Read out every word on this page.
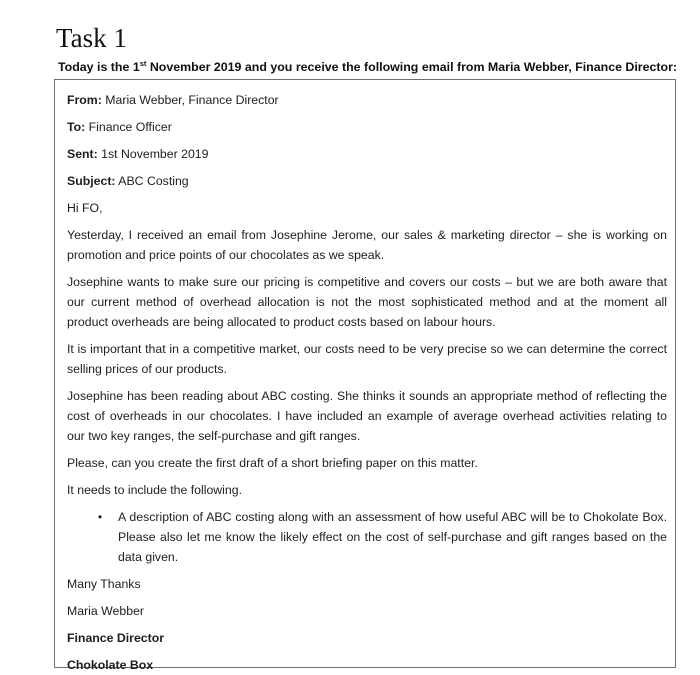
Task 1
Today is the 1st November 2019 and you receive the following email from Maria Webber, Finance Director:
From: Maria Webber, Finance Director
To: Finance Officer
Sent: 1st November 2019
Subject: ABC Costing
Hi FO,
Yesterday, I received an email from Josephine Jerome, our sales & marketing director – she is working on
promotion and price points of our chocolates as we speak.
Josephine wants to make sure our pricing is competitive and covers our costs – but we are both aware that
our current method of overhead allocation is not the most sophisticated method and at the moment all
product overheads are being allocated to product costs based on labour hours.
It is important that in a competitive market, our costs need to be very precise so we can determine the correct
selling prices of our products.
Josephine has been reading about ABC costing. She thinks it sounds an appropriate method of reflecting the
cost of overheads in our chocolates. I have included an example of average overhead activities relating to
our two key ranges, the self-purchase and gift ranges.
Please, can you create the first draft of a short briefing paper on this matter.
It needs to include the following.
• A description of ABC costing along with an assessment of how useful ABC will be to Chokolate Box.
Please also let me know the likely effect on the cost of self-purchase and gift ranges based on the
data given.
Many Thanks
Maria Webber
Finance Director
Chokolate Box
